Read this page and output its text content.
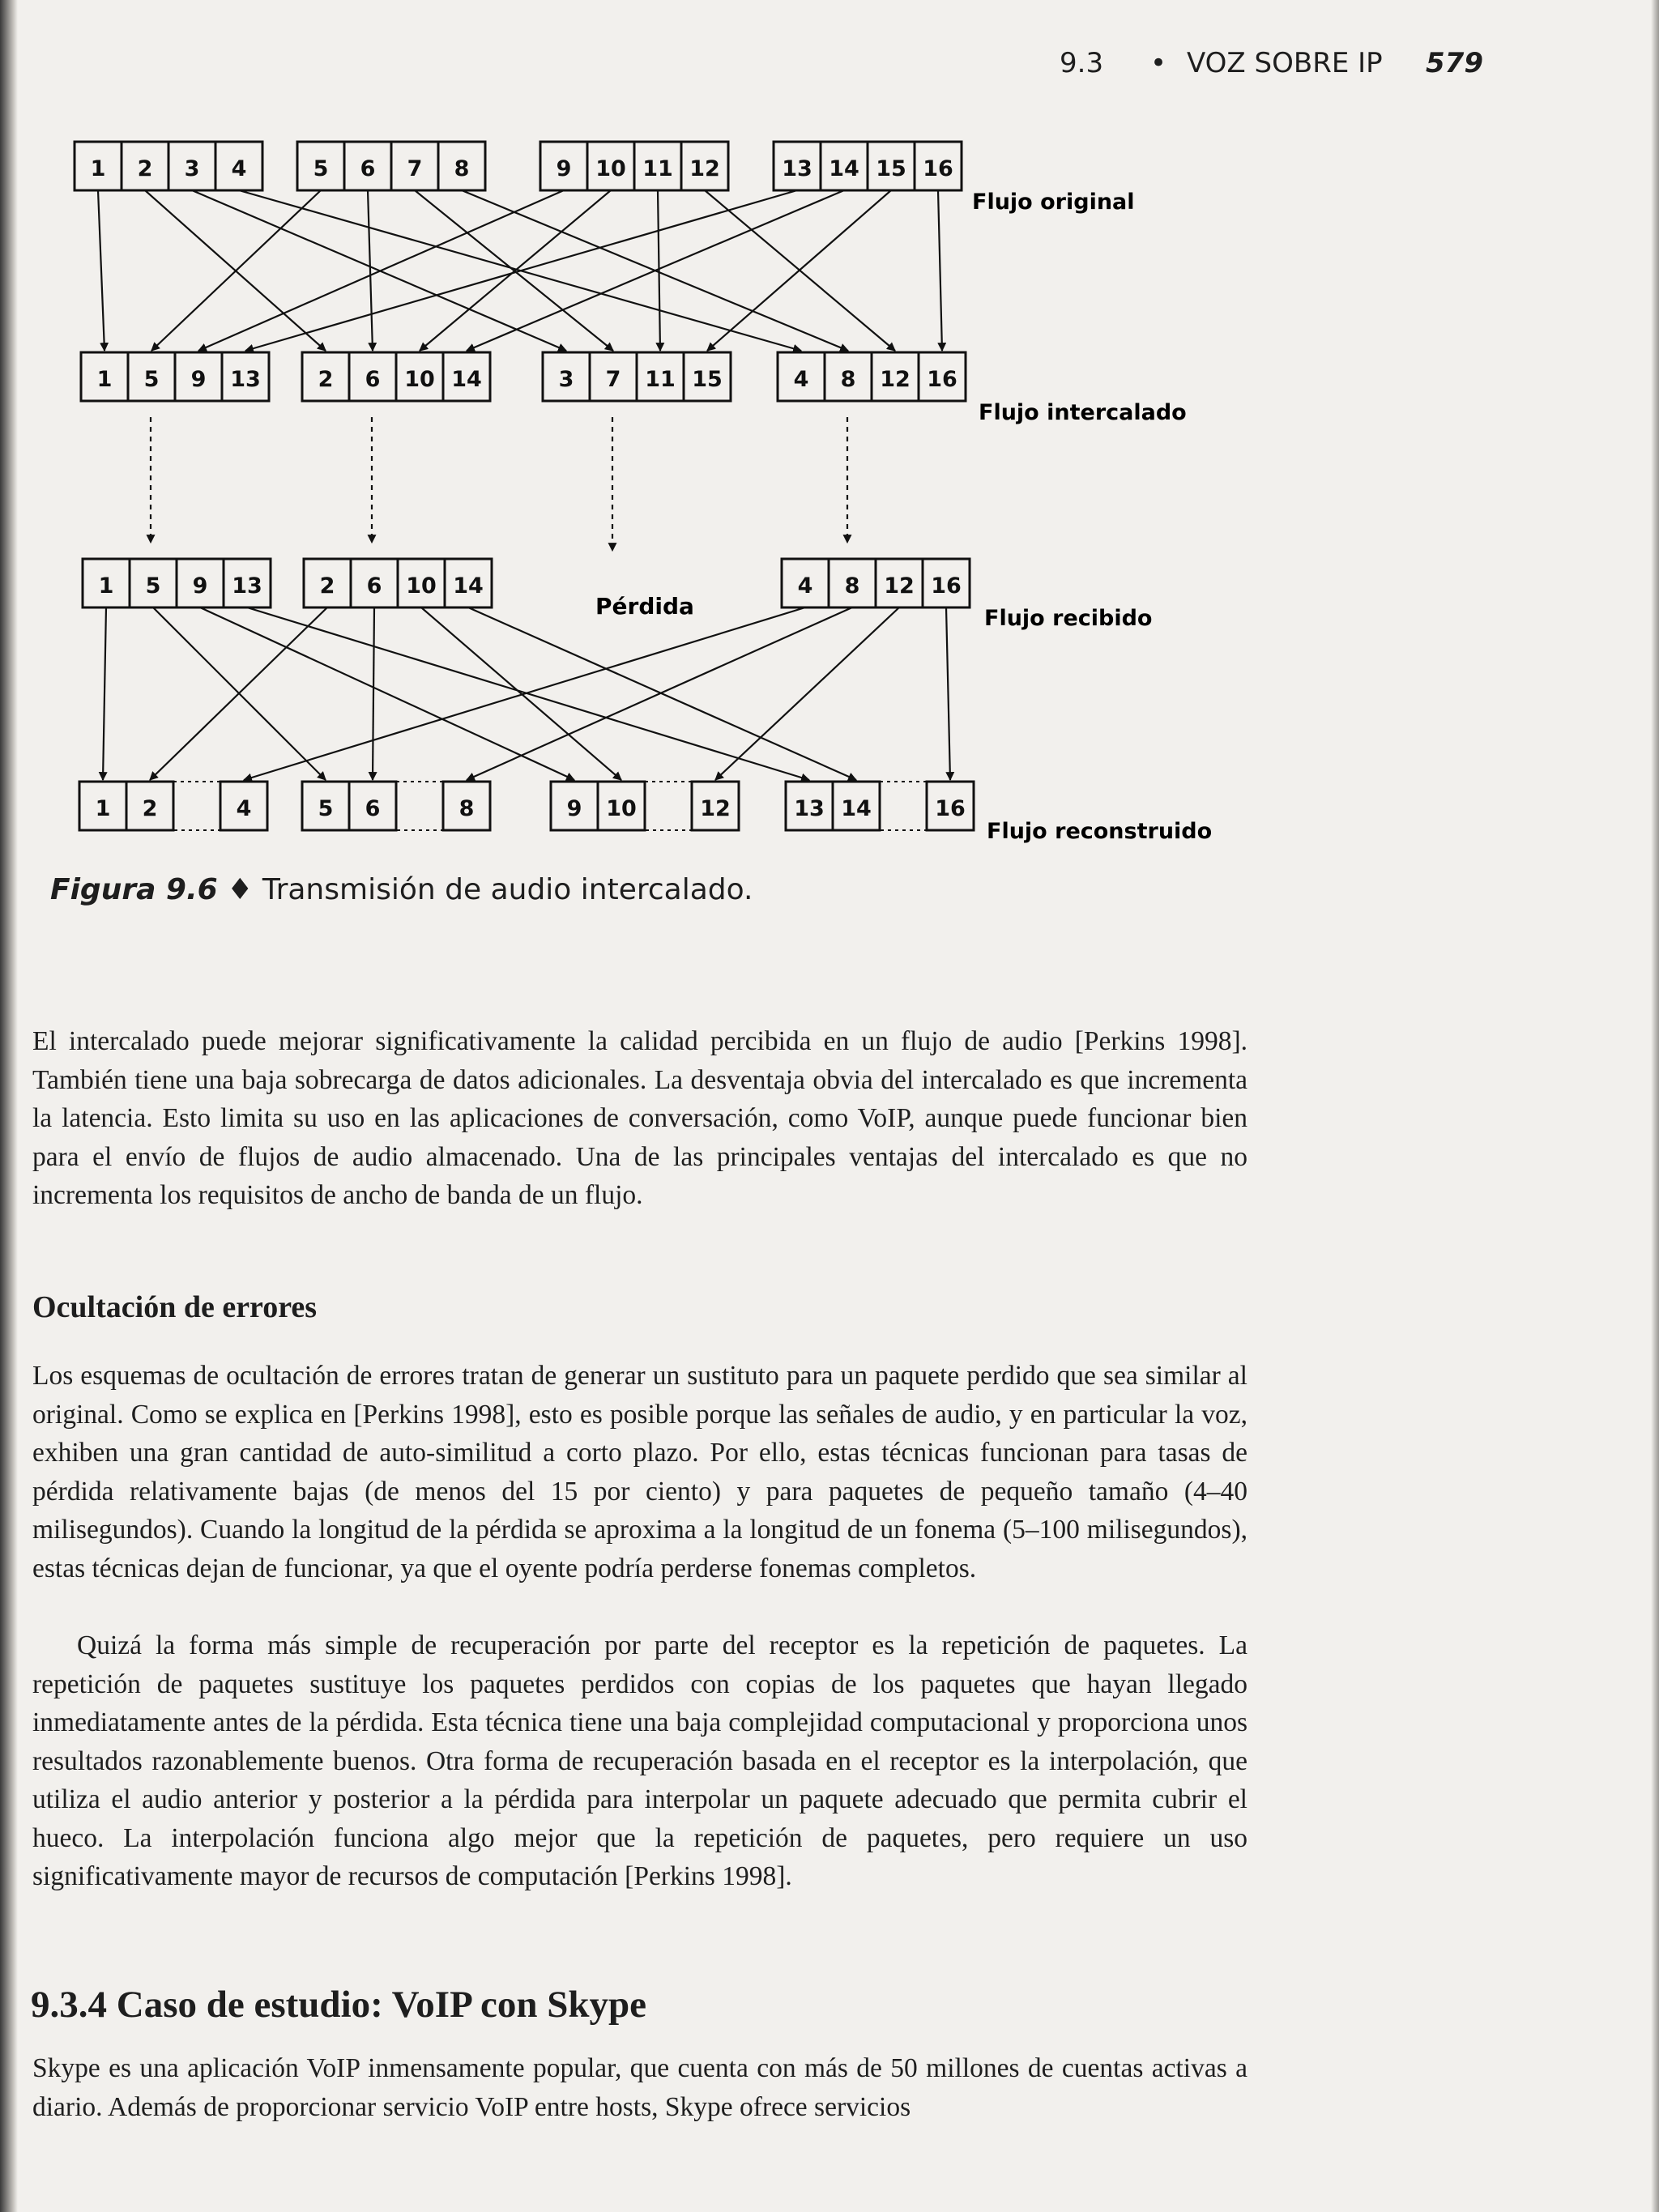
9.3 • VOZ SOBRE IP 579
1 2 3 4	5 6 7 8	9 10 11 12	13 14 15 16
1 5 9 13	2 6 10 14	3 7 11 15	4 8 12 16
1 5 9 13	2 6 10 14	4 8 12 16
1 2	4	5 6	8	9 10	12	13 14	16
Flujo original
Flujo intercalado
Flujo recibido
Pérdida
Flujo reconstruido
Figura 9.6 ♦ Transmisión de audio intercalado.

El intercalado puede mejorar significativamente la calidad percibida en un flujo de audio [Perkins 1998]. También tiene una baja sobrecarga de datos adicionales. La desventaja obvia del intercalado es que incrementa la latencia. Esto limita su uso en las aplicaciones de conversación, como VoIP, aunque puede funcionar bien para el envío de flujos de audio almacenado. Una de las principales ventajas del intercalado es que no incrementa los requisitos de ancho de banda de un flujo.

Ocultación de errores

Los esquemas de ocultación de errores tratan de generar un sustituto para un paquete perdido que sea similar al original. Como se explica en [Perkins 1998], esto es posible porque las señales de audio, y en particular la voz, exhiben una gran cantidad de auto-similitud a corto plazo. Por ello, estas técnicas funcionan para tasas de pérdida relativamente bajas (de menos del 15 por ciento) y para paquetes de pequeño tamaño (4–40 milisegundos). Cuando la longitud de la pérdida se aproxima a la longitud de un fonema (5–100 milisegundos), estas técnicas dejan de funcionar, ya que el oyente podría perderse fonemas completos.

Quizá la forma más simple de recuperación por parte del receptor es la repetición de paquetes. La repetición de paquetes sustituye los paquetes perdidos con copias de los paquetes que hayan llegado inmediatamente antes de la pérdida. Esta técnica tiene una baja complejidad computacional y proporciona unos resultados razonablemente buenos. Otra forma de recuperación basada en el receptor es la interpolación, que utiliza el audio anterior y posterior a la pérdida para interpolar un paquete adecuado que permita cubrir el hueco. La interpolación funciona algo mejor que la repetición de paquetes, pero requiere un uso significativamente mayor de recursos de computación [Perkins 1998].

9.3.4 Caso de estudio: VoIP con Skype

Skype es una aplicación VoIP inmensamente popular, que cuenta con más de 50 millones de cuentas activas a diario. Además de proporcionar servicio VoIP entre hosts, Skype ofrece servicios
